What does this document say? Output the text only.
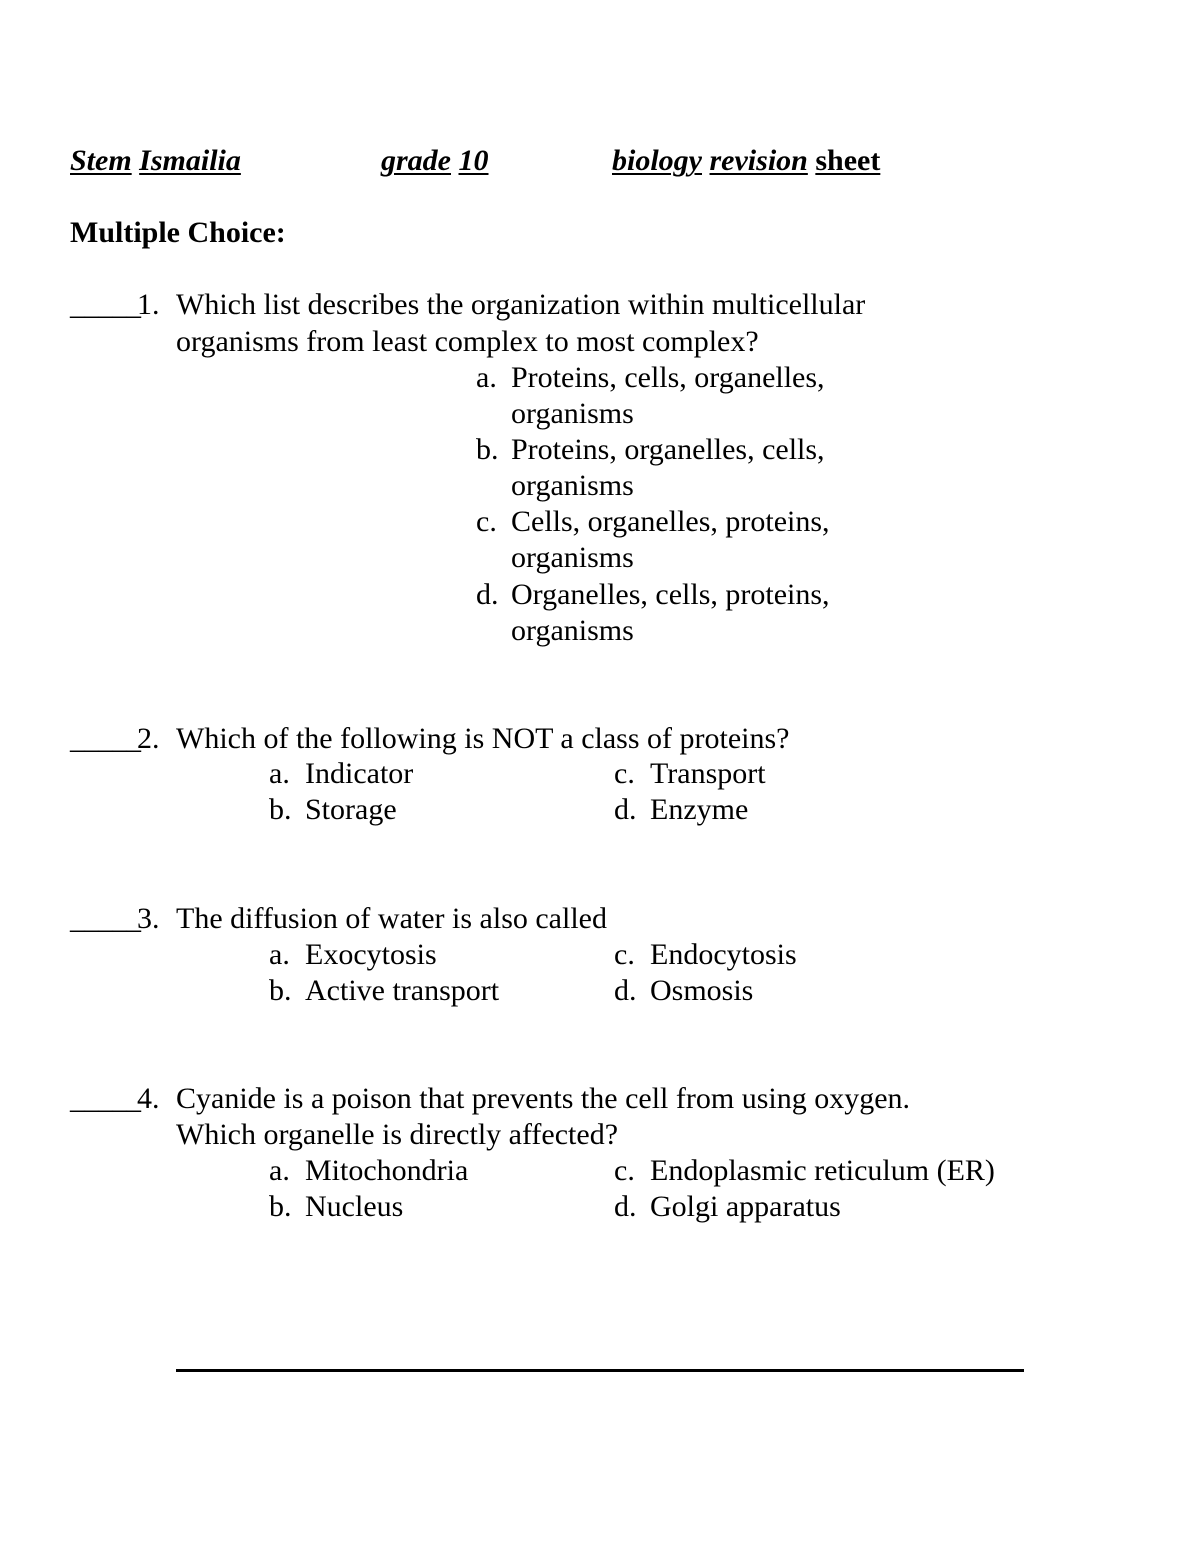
Stem Ismailia	grade 10	biology revision sheet
Multiple Choice:
_____
1. Which list describes the organization within multicellular
organisms from least complex to most complex?
a. Proteins, cells, organelles,
organisms
b. Proteins, organelles, cells,
organisms
c. Cells, organelles, proteins,
organisms
d. Organelles, cells, proteins,
organisms
_____
2. Which of the following is NOT a class of proteins?
a. Indicator
b. Storage
c. Transport
d. Enzyme
_____
3. The diffusion of water is also called
a. Exocytosis
b. Active transport
c. Endocytosis
d. Osmosis
_____
4. Cyanide is a poison that prevents the cell from using oxygen.
Which organelle is directly affected?
a. Mitochondria
b. Nucleus
c. Endoplasmic reticulum (ER)
d. Golgi apparatus
